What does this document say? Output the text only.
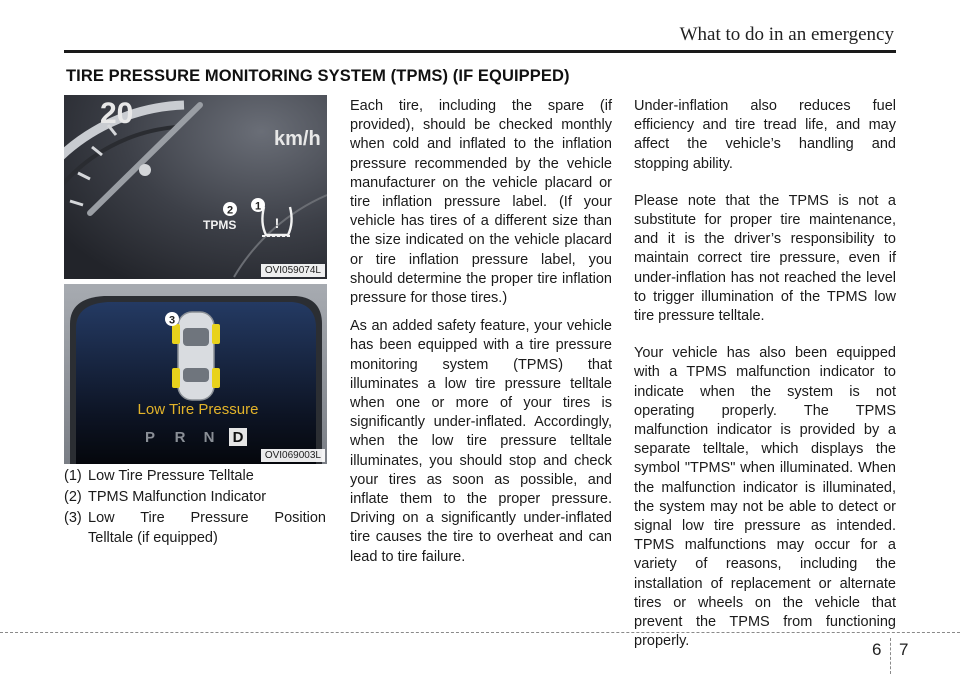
What to do in an emergency
TIRE PRESSURE MONITORING SYSTEM (TPMS) (IF EQUIPPED)
20
km/h
TPMS	!
2 1
OVI059074L
3
Low Tire Pressure
P R N D
OVI069003L
(1) Low Tire Pressure Telltale
(2) TPMS Malfunction Indicator
(3) Low Tire Pressure Position
Telltale (if equipped)

Each tire, including the spare (if provided), should be checked monthly when cold and inflated to the inflation pressure recommended by the vehicle manufacturer on the vehicle placard or tire inflation pressure label. (If your vehicle has tires of a different size than the size indicated on the vehicle placard or tire inflation pressure label, you should determine the proper tire inflation pressure for those tires.)

As an added safety feature, your vehicle has been equipped with a tire pressure monitoring system (TPMS) that illuminates a low tire pressure telltale when one or more of your tires is significantly under-inflated. Accordingly, when the low tire pressure telltale illuminates, you should stop and check your tires as soon as possible, and inflate them to the proper pressure. Driving on a significantly under-inflated tire causes the tire to overheat and can lead to tire failure.

Under-inflation also reduces fuel efficiency and tire tread life, and may affect the vehicle’s handling and stopping ability.

Please note that the TPMS is not a substitute for proper tire maintenance, and it is the driver’s responsibility to maintain correct tire pressure, even if under-inflation has not reached the level to trigger illumination of the TPMS low tire pressure telltale.

Your vehicle has also been equipped with a TPMS malfunction indicator to indicate when the system is not operating properly. The TPMS malfunction indicator is provided by a separate telltale, which displays the symbol "TPMS" when illuminated. When the malfunction indicator is illuminated, the system may not be able to detect or signal low tire pressure as intended. TPMS malfunctions may occur for a variety of reasons, including the installation of replacement or alternate tires or wheels on the vehicle that prevent the TPMS from functioning properly.	6 7
